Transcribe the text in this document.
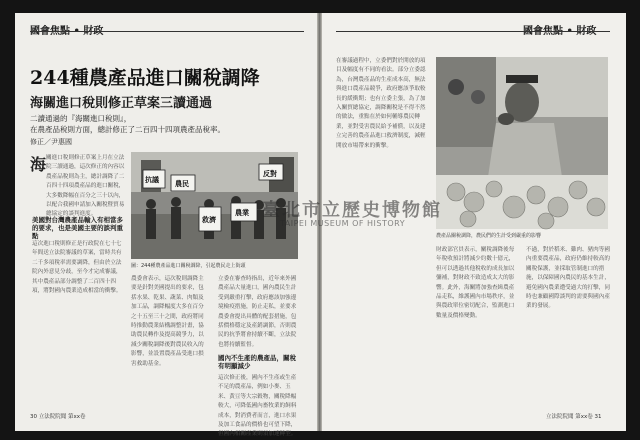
244種農產品進口關稅調降
海關進口稅則修正草案三讀通過
二讀通過的『海關進口稅則』，
在農產品稅則方面，總計修正了二百四十四項農產品稅率。
修正／尹惠國
海 關進口稅則修正草案上月在立法院三讀通過，這次修正的內容以農產品稅則為主，總計調降了二百四十四項農產品的進口關稅，大多數降幅在百分之三十以內，以配合我國申請加入關稅暨貿易總協定的談判進度。
美國對台灣農產品輸入有相當多的要求，也是美國主要的談判重點
這次進口稅則修正是行政院在七十七年間送立法院審議的草案，當時共有二千多項稅率需要調降，但由於立法院內外意見分歧，至今才完成審議，其中農產品部分調整了二百四十四項，將對國內農業造成相當的衝擊。
抗議 農民
救濟
農業
反對
圖：244種農產品進口關稅調降，引起農民走上街頭
農委會表示，這次稅則調降主要是針對美國提出的要求，包括水果、乾果、蔬菜、肉類及加工品，調降幅度大多在百分之十五至三十之間，政府將同時推動農業結構調整計畫，協助農民轉作及提高競爭力，以減少關稅調降後對農民收入的影響，並設置農產品受進口損害救助基金。
立委在審查時指出，近年來外國農產品大量進口，國內農民生計受到嚴重打擊，政府應該加強邊境檢疫措施，防止走私，並要求農委會提出具體的配套措施，包括價格穩定及產銷調節，否則農民的抗爭將會持續不斷，立法院也將持續監督。
國內不生產的農產品，關稅有明顯減少
這次修正後，國內不生產或生產不足的農產品，例如小麥、玉米、黃豆等大宗穀物，關稅降幅較大，可降低國內畜牧業的飼料成本，對消費者而言，進口水果及加工食品的價格也可望下降，但國內相關產業則須加速轉型。
在審議過程中，立委們對於開放的項目及幅度有不同的看法。部分立委認為，台灣農產品的生產成本高，無法與進口農產品競爭，政府應該爭取較長的緩衝期；也有立委主張，為了加入關貿總協定，調降關稅是不得不然的做法，重點在於如何輔導農民轉業，並對受害農民給予補償，以及建立完善的農產品進口救濟制度，減輕開放市場帶來的衝擊。
農產品關稅調降，農民們的生計受到嚴重的影響
財政部官員表示，關稅調降後每年稅收預計將減少約數十億元，但可以透過其他稅收的成長加以彌補，對財政不致造成太大的影響。此外，海關將加強查緝農產品走私，維護國內市場秩序，並與農政單位密切配合，監測進口數量及價格變動。
不過，對於稻米、雞肉、豬肉等國內重要農產品，政府仍維持較高的關稅保護，並採取管制進口的措施，以保障國內農民的基本生計，避免國內農業遭受過大的打擊，同時也兼顧國際談判的需要與國內產業的發展。
30 立法院院聞 第xx卷	立法院院聞 第xx卷 31
臺北市立歷史博物館
TAIPEI MUSEUM OF HISTORY
